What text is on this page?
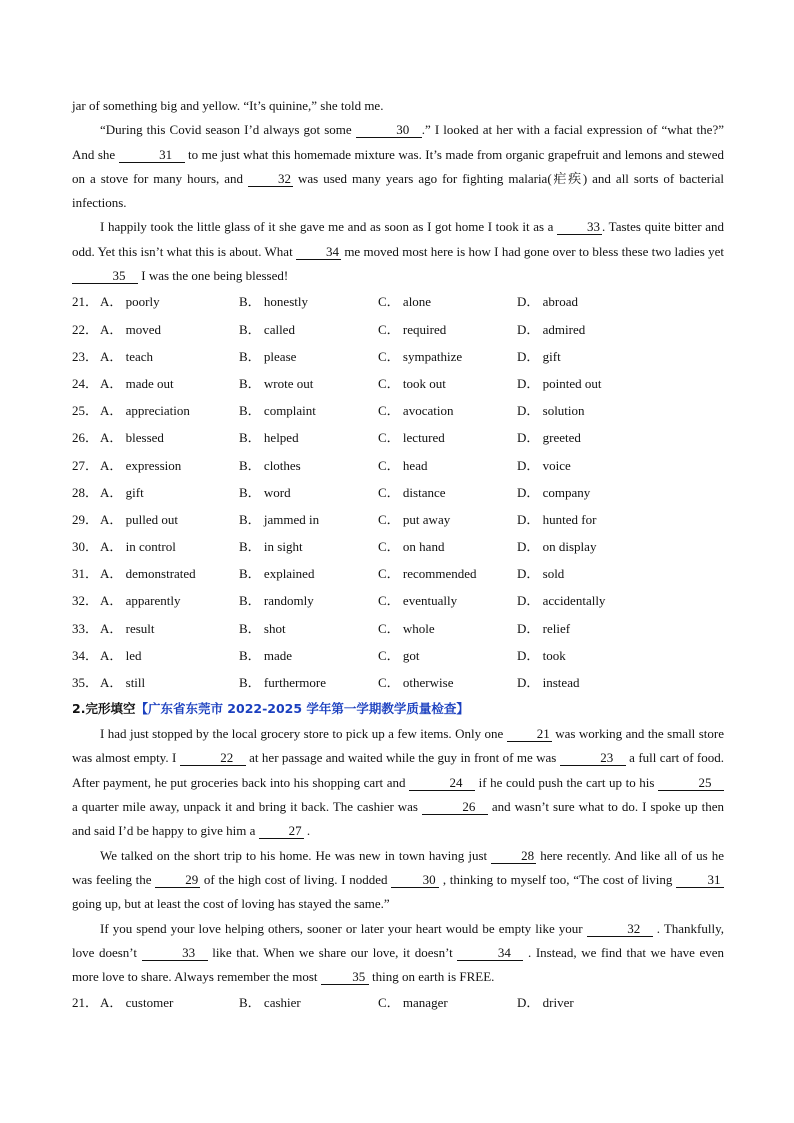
jar of something big and yellow. “It’s quinine,” she told me.

“During this Covid season I’d always got some	30 .” I looked at her with a facial expression of “what the?” And she	31 to me just what this homemade mixture was. It’s made from organic grapefruit and lemons and stewed on a stove for many hours, and 32 was used many years ago for fighting malaria(疟疾) and all sorts of bacterial infections.

I happily took the little glass of it she gave me and as soon as I got home I took it as a 33 . Tastes quite bitter and odd. Yet this isn’t what this is about. What 34 me moved most here is how I had gone over to bless these two ladies yet 35 I was the one being blessed!

21． A． poorly	B． honestly	C． alone	D． abroad
22． A． moved	B． called	C． required	D． admired
23． A． teach	B． please	C． sympathize	D． gift
24． A． made out	B． wrote out	C． took out	D． pointed out
25． A． appreciation	B． complaint	C． avocation	D． solution
26． A． blessed	B． helped	C． lectured	D． greeted
27． A． expression	B． clothes	C． head	D． voice
28． A． gift	B． word	C． distance	D． company
29． A． pulled out	B． jammed in	C． put away	D． hunted for
30． A． in control	B． in sight	C． on hand	D． on display
31． A． demonstrated	B． explained	C． recommended	D． sold
32． A． apparently	B． randomly	C． eventually	D． accidentally
33． A． result	B． shot	C． whole	D． relief
34． A． led	B． made	C． got	D． took
35． A． still	B． furthermore	C． otherwise	D． instead
2.完形填空【广东省东莞市 2022-2025 学年第一学期教学质量检查】

I had just stopped by the local grocery store to pick up a few items. Only one 21 was working and the small store was almost empty. I	22 at her passage and waited while the guy in front of me was	23 a full cart of food. After payment, he put groceries back into his shopping cart and	24 if he could push the cart up to his	25 a quarter mile away, unpack it and bring it back. The cashier was	26 and wasn’t sure what to do. I spoke up then and said I’d be happy to give him a 27 .

We talked on the short trip to his home. He was new in town having just 28 here recently. And like all of us he was feeling the 29 of the high cost of living. I nodded 30 , thinking to myself too, “The cost of living 31 going up, but at least the cost of loving has stayed the same.”

If you spend your love helping others, sooner or later your heart would be empty like your	32 . Thankfully, love doesn’t	33 like that. When we share our love, it doesn’t	34 . Instead, we find that we have even more love to share. Always remember the most 35 thing on earth is FREE.

21． A． customer	B． cashier	C． manager	D． driver
